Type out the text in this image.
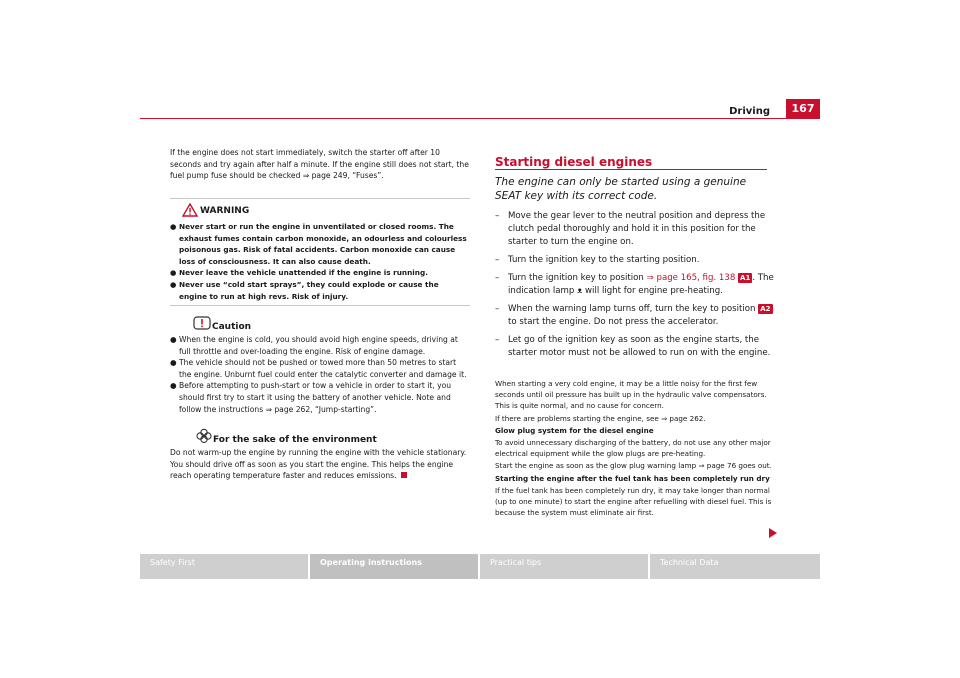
Driving	167
If the engine does not start immediately, switch the starter off after 10 seconds and try again after half a minute. If the engine still does not start, the fuel pump fuse should be checked ⇒ page 249, “Fuses”.
WARNING
● Never start or run the engine in unventilated or closed rooms. The exhaust fumes contain carbon monoxide, an odourless and colourless poisonous gas. Risk of fatal accidents. Carbon monoxide can cause loss of consciousness. It can also cause death.
● Never leave the vehicle unattended if the engine is running.
● Never use “cold start sprays”, they could explode or cause the engine to run at high revs. Risk of injury.
Caution
● When the engine is cold, you should avoid high engine speeds, driving at full throttle and over-loading the engine. Risk of engine damage.
● The vehicle should not be pushed or towed more than 50 metres to start the engine. Unburnt fuel could enter the catalytic converter and damage it.
● Before attempting to push-start or tow a vehicle in order to start it, you should first try to start it using the battery of another vehicle. Note and follow the instructions ⇒ page 262, “Jump-starting”.
For the sake of the environment
Do not warm-up the engine by running the engine with the vehicle stationary. You should drive off as soon as you start the engine. This helps the engine reach operating temperature faster and reduces emissions.
Starting diesel engines
The engine can only be started using a genuine SEAT key with its correct code.
–	Move the gear lever to the neutral position and depress the clutch pedal thoroughly and hold it in this position for the starter to turn the engine on.
–	Turn the ignition key to the starting position.
–	Turn the ignition key to position ⇒ page 165, fig. 138 A1 . The indication lamp ᴥ will light for engine pre-heating.
–	When the warning lamp turns off, turn the key to position A2 to start the engine. Do not press the accelerator.
–	Let go of the ignition key as soon as the engine starts, the starter motor must not be allowed to run on with the engine.

When starting a very cold engine, it may be a little noisy for the first few seconds until oil pressure has built up in the hydraulic valve compensators. This is quite normal, and no cause for concern.

If there are problems starting the engine, see ⇒ page 262.

Glow plug system for the diesel engine

To avoid unnecessary discharging of the battery, do not use any other major electrical equipment while the glow plugs are pre-heating.

Start the engine as soon as the glow plug warning lamp ⇒ page 76 goes out.

Starting the engine after the fuel tank has been completely run dry

If the fuel tank has been completely run dry, it may take longer than normal (up to one minute) to start the engine after refuelling with diesel fuel. This is because the system must eliminate air first.

Safety First	Operating instructions	Practical tips	Technical Data
